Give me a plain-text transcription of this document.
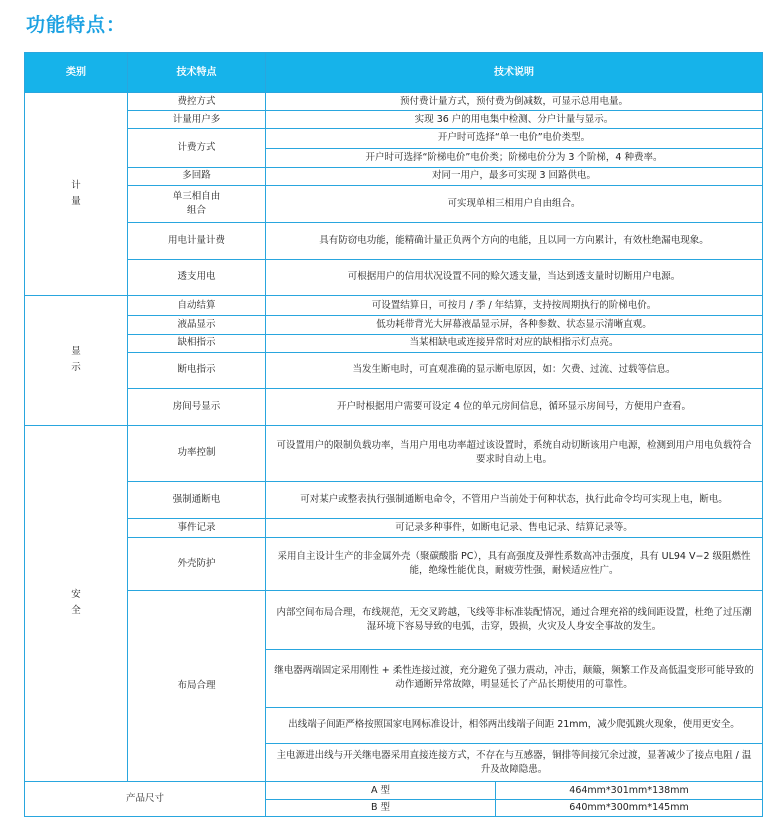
功能特点：
类别	技术特点	技术说明	
计量	费控方式	预付费计量方式，预付费为倒减数，可显示总用电量。	
	计量用户多	实现 36 户的用电集中检测、分户计量与显示。	
	计费方式	开户时可选择“单一电价”电价类型。	
		开户时可选择“阶梯电价”电价类；阶梯电价分为 3 个阶梯，4 种费率。	
	多回路	对同一用户，最多可实现 3 回路供电。	
	单三相自由组合	可实现单相三相用户自由组合。	
	用电计量计费	具有防窃电功能，能精确计量正负两个方向的电能，且以同一方向累计，有效杜绝漏电现象。	
	透支用电	可根据用户的信用状况设置不同的赊欠透支量，当达到透支量时切断用户电源。	
显示	自动结算	可设置结算日，可按月 / 季 / 年结算，支持按周期执行的阶梯电价。	
	液晶显示	低功耗带背光大屏幕液晶显示屏，各种参数、状态显示清晰直观。	
	缺相指示	当某相缺电或连接异常时对应的缺相指示灯点亮。	
	断电指示	当发生断电时，可直观准确的显示断电原因，如：欠费、过流、过载等信息。	
	房间号显示	开户时根据用户需要可设定 4 位的单元房间信息，循环显示房间号，方便用户查看。	
安全	功率控制	可设置用户的限制负载功率，当用户用电功率超过该设置时，系统自动切断该用户电源，检测到用户用电负载符合要求时自动上电。	
	强制通断电	可对某户或整表执行强制通断电命令，不管用户当前处于何种状态，执行此命令均可实现上电，断电。	
	事件记录	可记录多种事件，如断电记录、售电记录、结算记录等。	
	外壳防护	采用自主设计生产的非金属外壳（聚碳酸脂 PC），具有高强度及弹性系数高冲击强度，具有 UL94 V−2 级阻燃性能，绝缘性能优良，耐疲劳性强，耐候适应性广。	
	布局合理	内部空间布局合理，布线规范，无交叉跨越，飞线等非标准装配情况，通过合理充裕的线间距设置，杜绝了过压潮湿环境下容易导致的电弧，击穿，毁损，火灾及人身安全事故的发生。	
		继电器两端固定采用刚性 + 柔性连接过渡，充分避免了强力震动，冲击，颠簸，频繁工作及高低温变形可能导致的动作通断异常故障，明显延长了产品长期使用的可靠性。	
		出线端子间距严格按照国家电网标准设计，相邻两出线端子间距 21mm，减少爬弧跳火现象，使用更安全。	
		主电源进出线与开关继电器采用直接连接方式，不存在与互感器，铜排等间接冗余过渡，显著减少了接点电阻 / 温升及故障隐患。	
产品尺寸		A 型	464mm*301mm*138mm
		B 型	640mm*300mm*145mm
